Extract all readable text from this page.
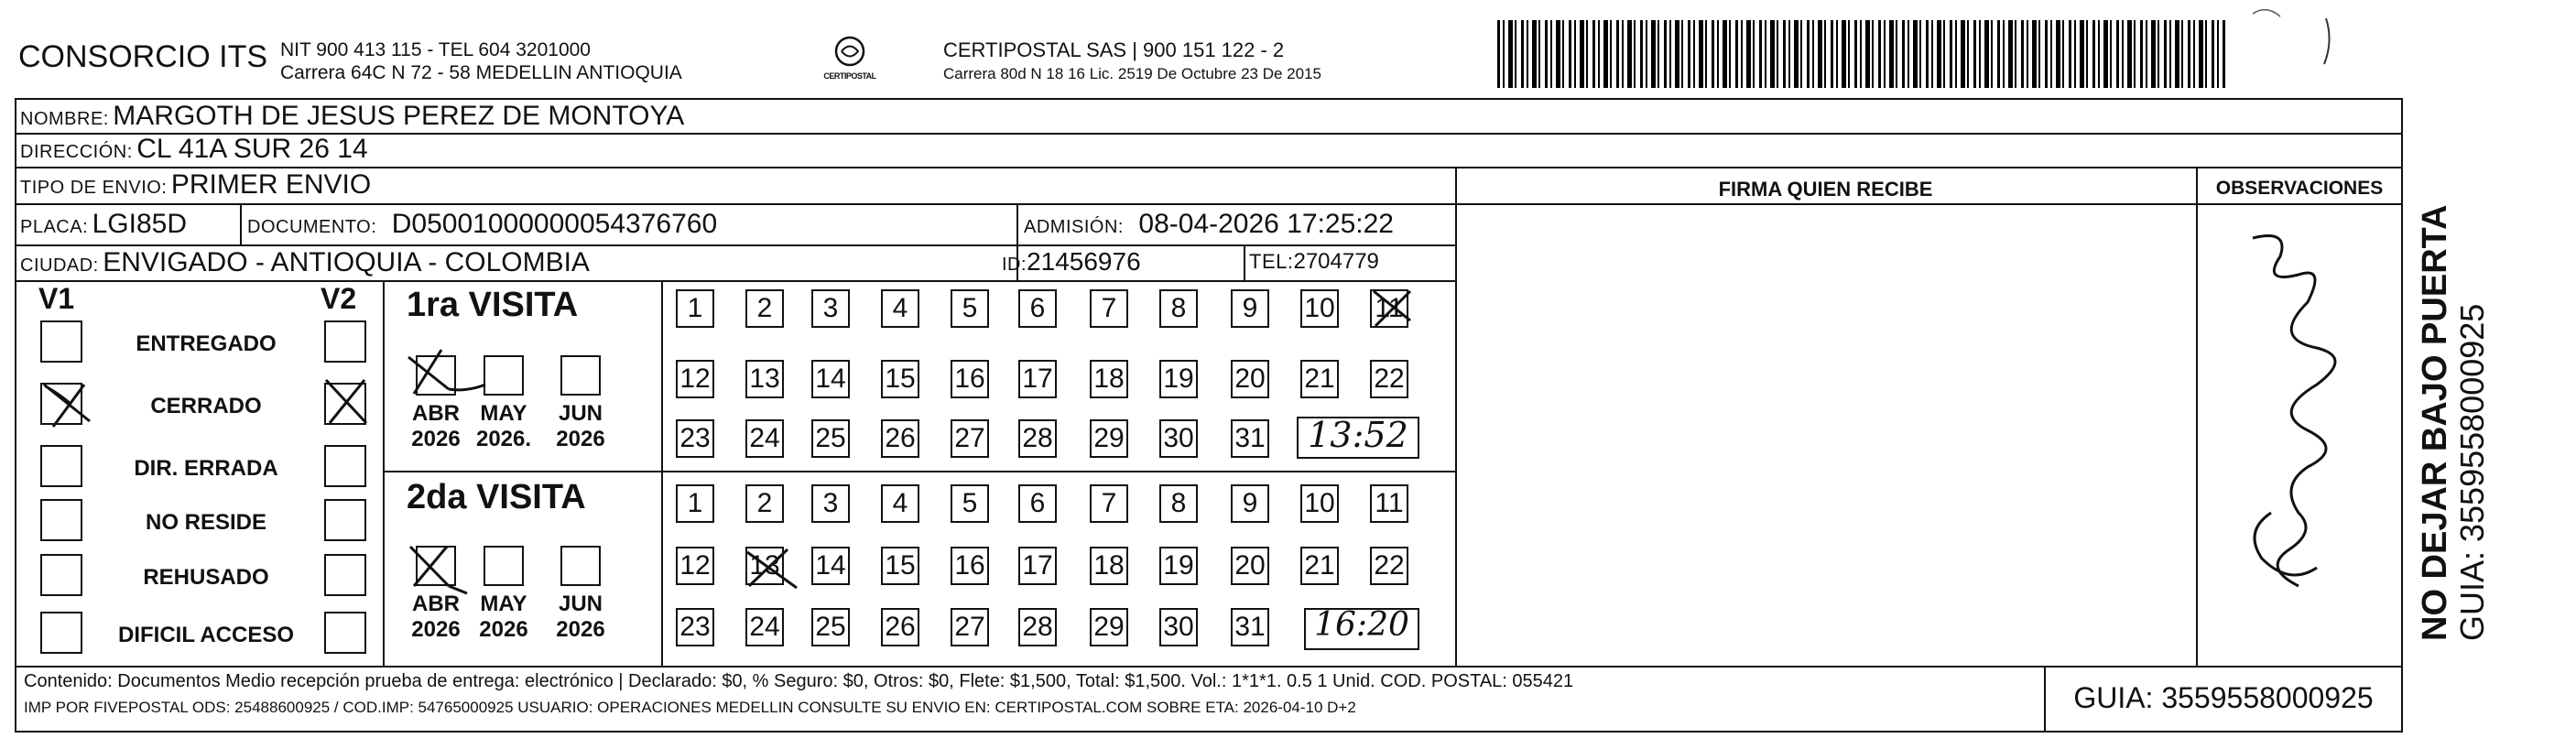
CONSORCIO ITS NIT 900 413 115 - TEL 604 3201000
Carrera 64C N 72 - 58 MEDELLIN ANTIOQUIA	CERTIPOSTAL
CERTIPOSTAL SAS | 900 151 122 - 2
Carrera 80d N 18 16 Lic. 2519 De Octubre 23 De 2015
NOMBRE: MARGOTH DE JESUS PEREZ DE MONTOYA
DIRECCIÓN: CL 41A SUR 26 14
TIPO DE ENVIO: PRIMER ENVIO
PLACA: LGI85D	DOCUMENTO: D05001000000054376760	ADMISIÓN: 08-04-2026 17:25:22
CIUDAD: ENVIGADO - ANTIOQUIA - COLOMBIA	ID:21456976	TEL:2704779
FIRMA QUIEN RECIBE	OBSERVACIONES
V1	V2
ENTREGADO
CERRADO
DIR. ERRADA
NO RESIDE
REHUSADO
DIFICIL ACCESO
1ra VISITA
2da VISITA
ABR
2026
MAY
2026.
JUN
2026
ABR
2026
MAY
2026
JUN
2026
1	2	3	4	5	6	7	8	9	10 11
12 13 14 15 16 17 18 19 20 21 22
23 24 25 26 27 28 29 30 31
1	2	3	4	5	6	7	8	9	10 11
12 13 14 15 16 17 18 19 20 21 22
23 24 25 26 27 28 29 30 31
13:52
16:20
Contenido: Documentos Medio recepción prueba de entrega: electrónico | Declarado: $0, % Seguro: $0, Otros: $0, Flete: $1,500, Total: $1,500. Vol.: 1*1*1. 0.5 1 Unid. COD. POSTAL: 055421
IMP POR FIVEPOSTAL ODS: 25488600925 / COD.IMP: 54765000925 USUARIO: OPERACIONES MEDELLIN CONSULTE SU ENVIO EN: CERTIPOSTAL.COM SOBRE ETA: 2026-04-10 D+2	GUIA: 3559558000925
NO DEJAR BAJO PUERTA GUIA: 3559558000925
